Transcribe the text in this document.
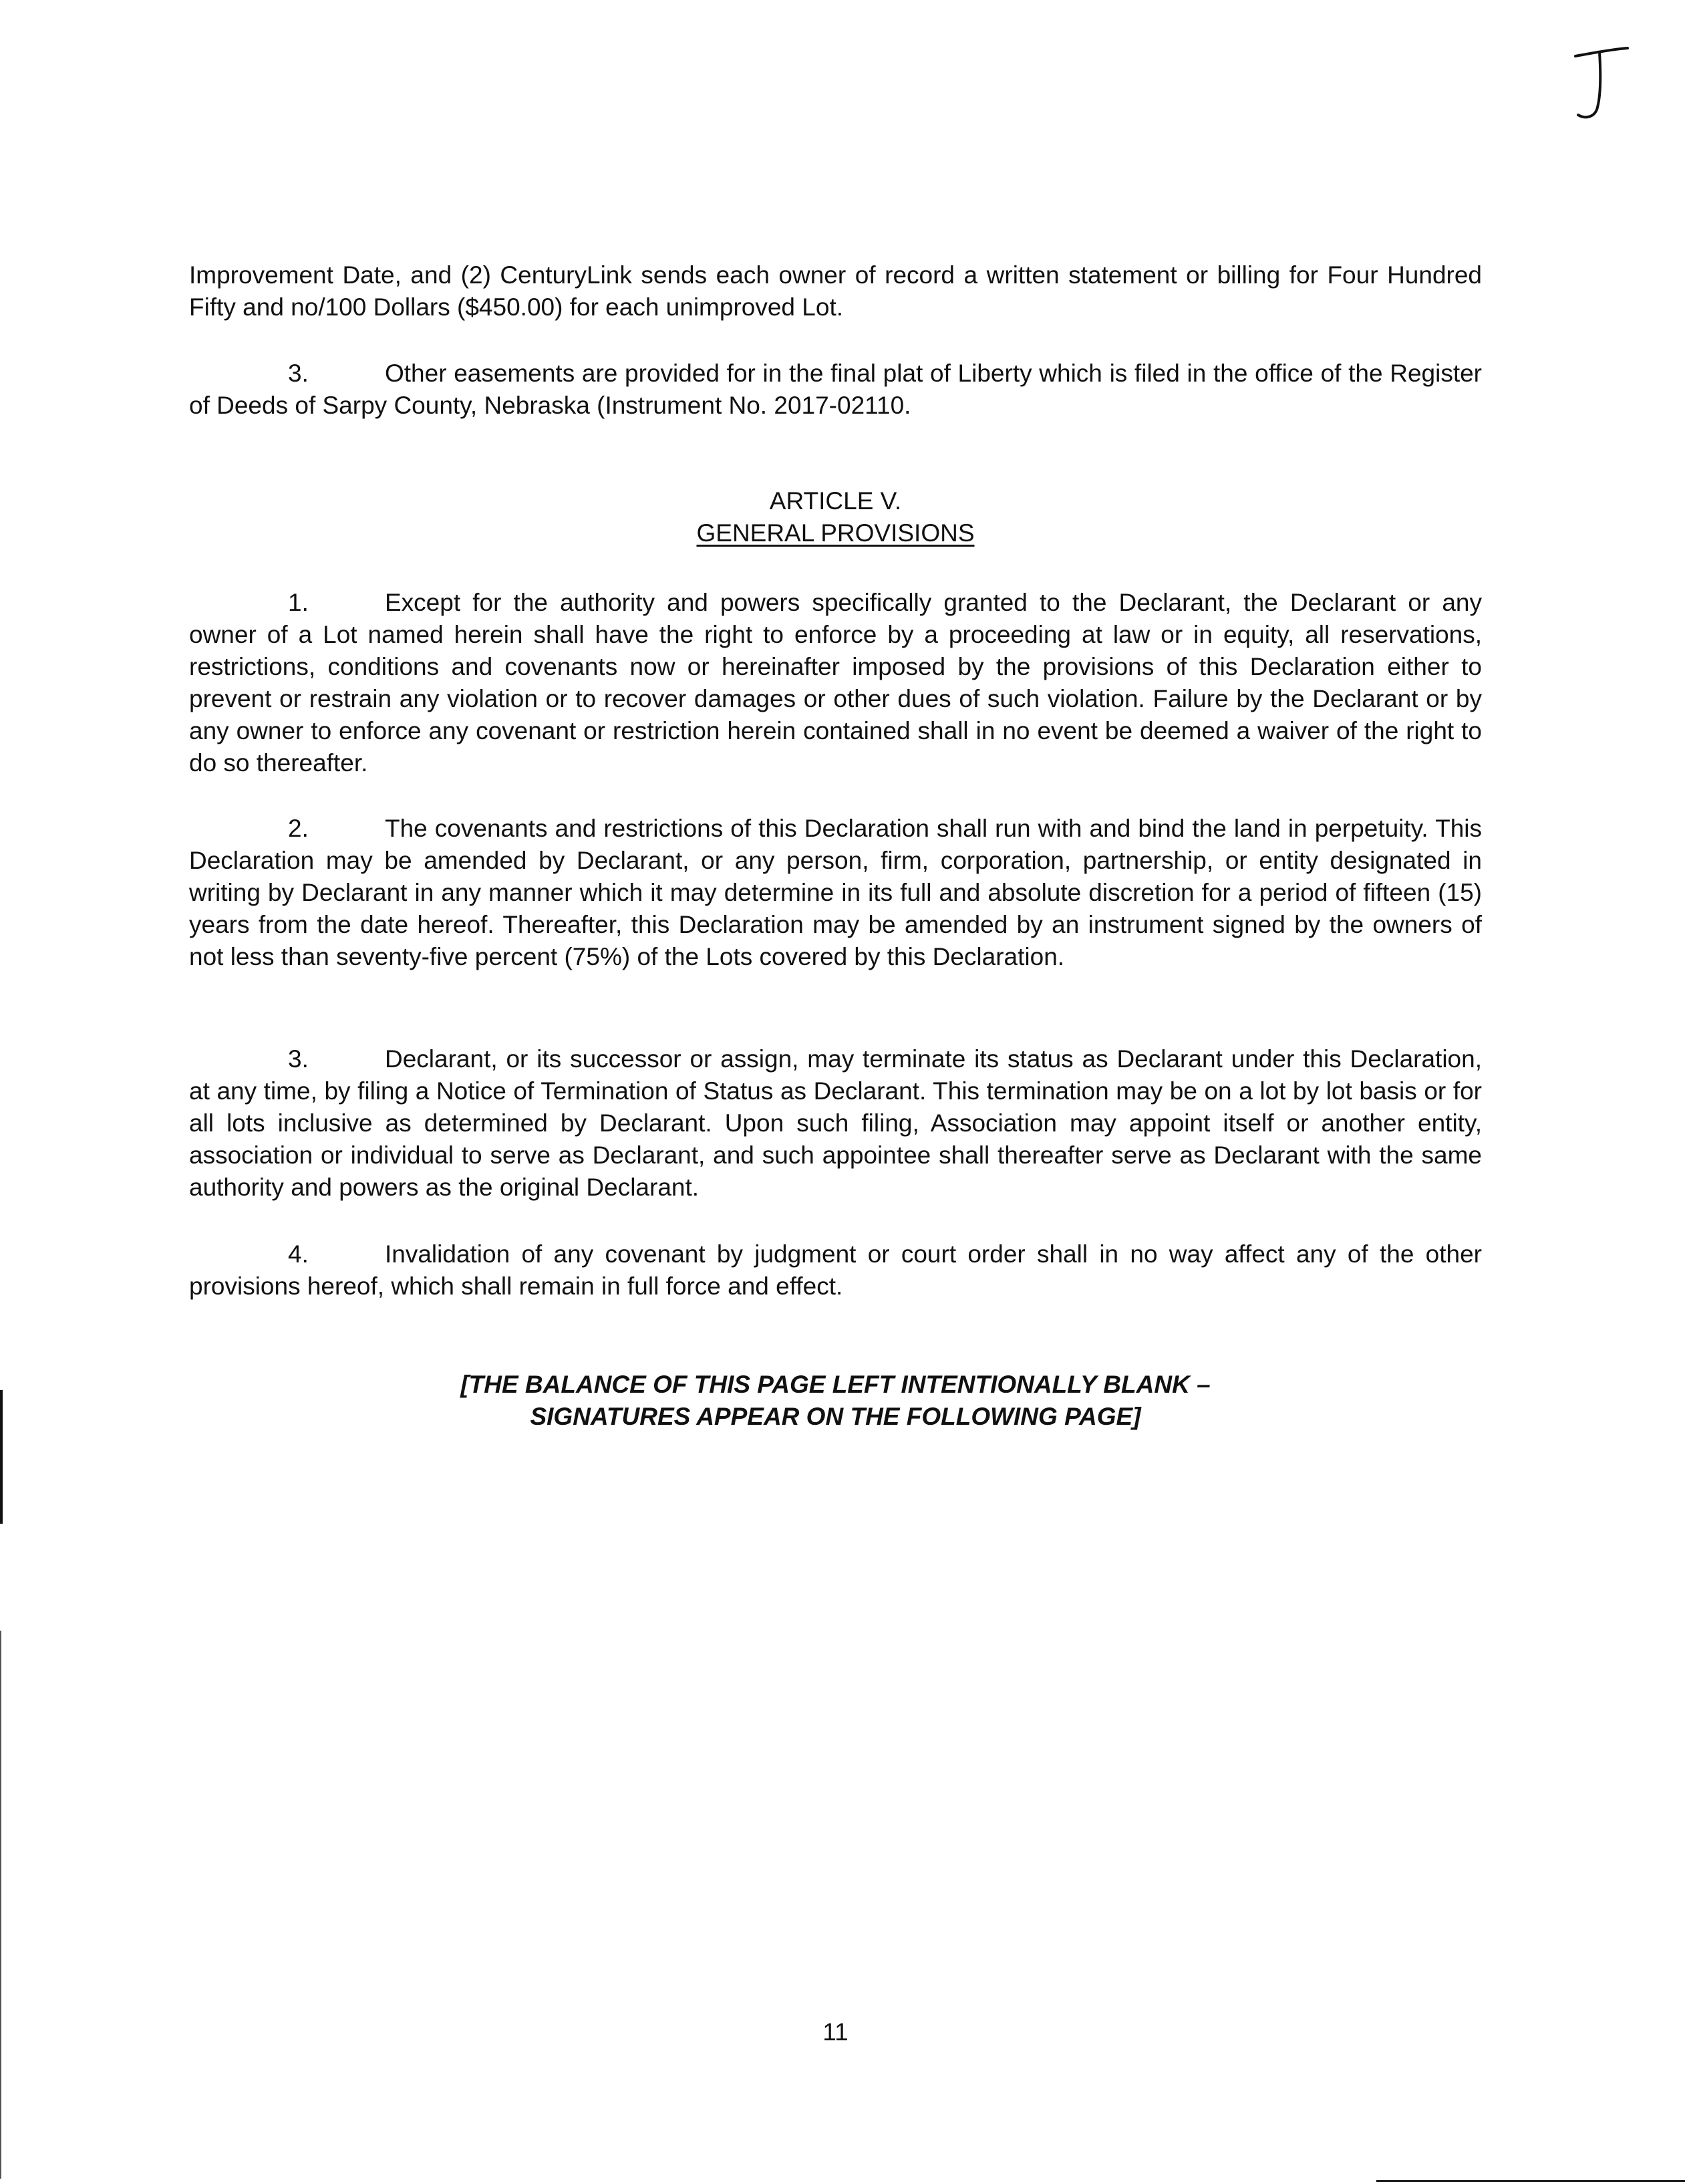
Improvement Date, and (2) CenturyLink sends each owner of record a written statement or billing for Four Hundred Fifty and no/100 Dollars ($450.00) for each unimproved Lot.

3.	Other easements are provided for in the final plat of Liberty which is filed in the office of the Register of Deeds of Sarpy County, Nebraska (Instrument No. 2017-02110.

ARTICLE V.
GENERAL PROVISIONS

1.	Except for the authority and powers specifically granted to the Declarant, the Declarant or any owner of a Lot named herein shall have the right to enforce by a proceeding at law or in equity, all reservations, restrictions, conditions and covenants now or hereinafter imposed by the provisions of this Declaration either to prevent or restrain any violation or to recover damages or other dues of such violation. Failure by the Declarant or by any owner to enforce any covenant or restriction herein contained shall in no event be deemed a waiver of the right to do so thereafter.

2.	The covenants and restrictions of this Declaration shall run with and bind the land in perpetuity. This Declaration may be amended by Declarant, or any person, firm, corporation, partnership, or entity designated in writing by Declarant in any manner which it may determine in its full and absolute discretion for a period of fifteen (15) years from the date hereof. Thereafter, this Declaration may be amended by an instrument signed by the owners of not less than seventy-five percent (75%) of the Lots covered by this Declaration.

3.	Declarant, or its successor or assign, may terminate its status as Declarant under this Declaration, at any time, by filing a Notice of Termination of Status as Declarant. This termination may be on a lot by lot basis or for all lots inclusive as determined by Declarant. Upon such filing, Association may appoint itself or another entity, association or individual to serve as Declarant, and such appointee shall thereafter serve as Declarant with the same authority and powers as the original Declarant.

4.	Invalidation of any covenant by judgment or court order shall in no way affect any of the other provisions hereof, which shall remain in full force and effect.

[THE BALANCE OF THIS PAGE LEFT INTENTIONALLY BLANK –
SIGNATURES APPEAR ON THE FOLLOWING PAGE]
11
